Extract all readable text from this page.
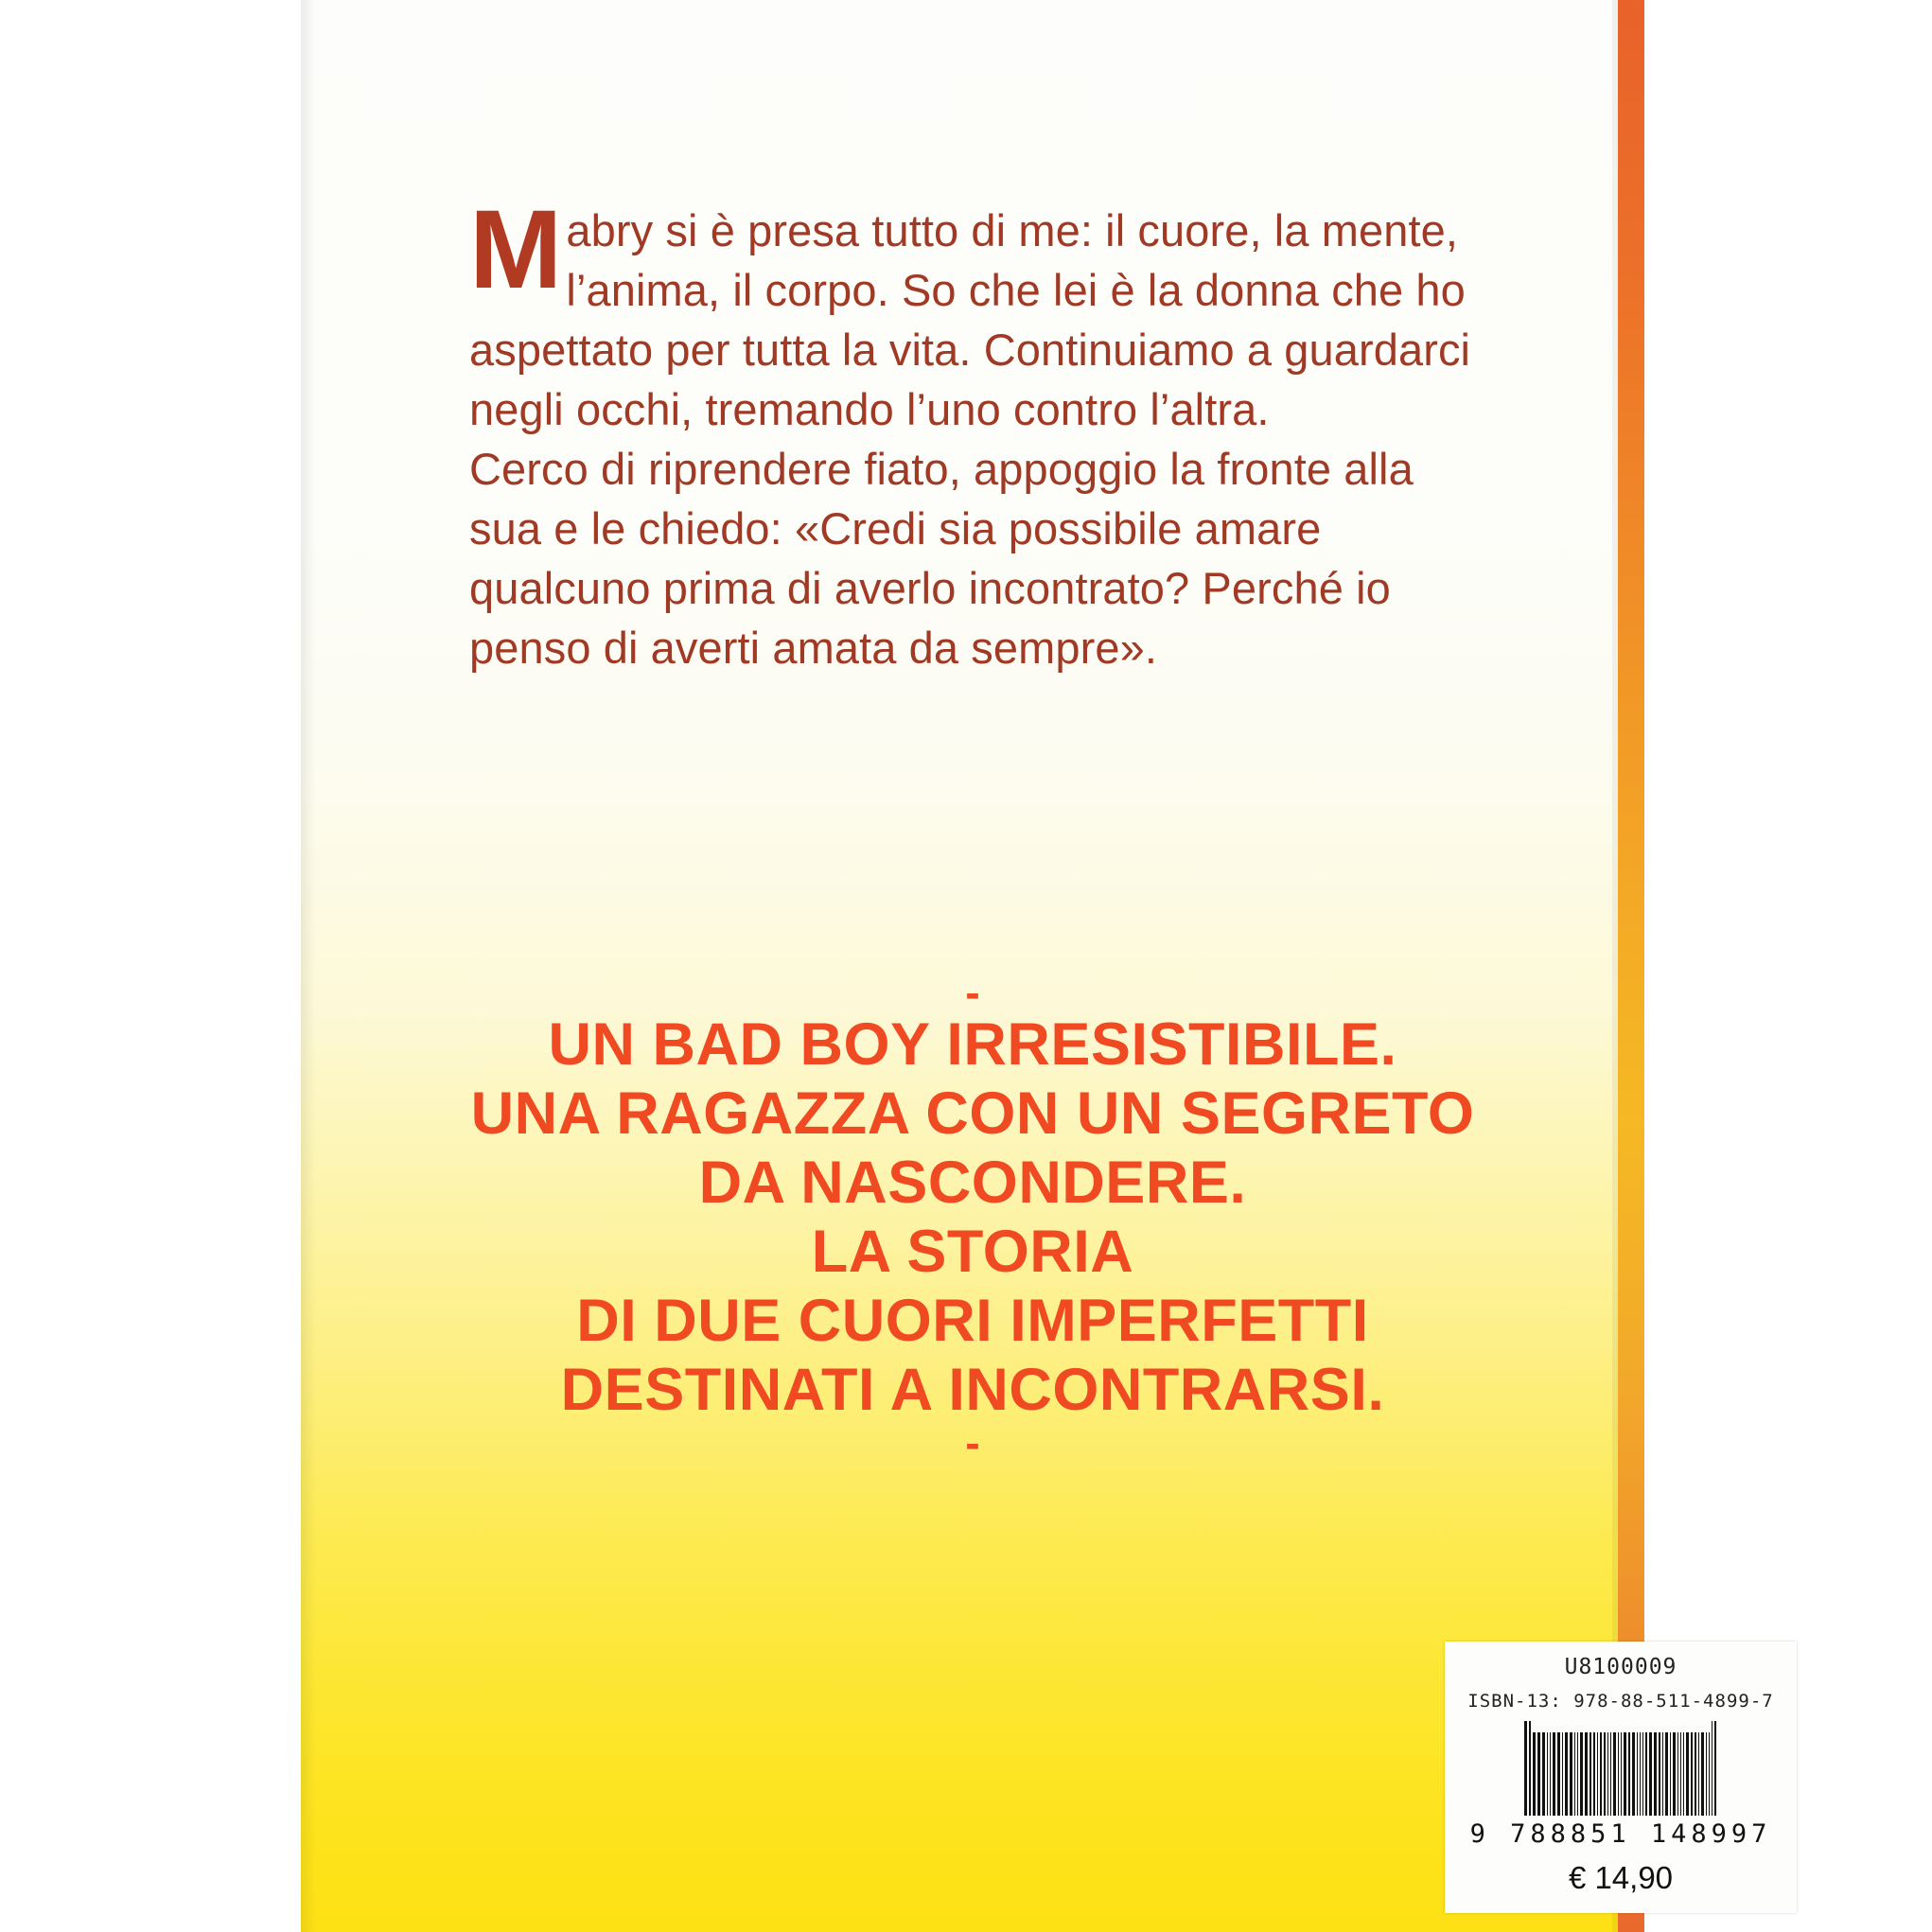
Mabry si è presa tutto di me: il cuore, la mente, l’anima, il corpo. So che lei è la donna che ho aspettato per tutta la vita. Continuiamo a guardarci negli occhi, tremando l’uno contro l’altra.

Cerco di riprendere fiato, appoggio la fronte alla sua e le chiedo: «Credi sia possibile amare qualcuno prima di averlo incontrato? Perché io penso di averti amata da sempre».

-
UN BAD BOY IRRESISTIBILE.
UNA RAGAZZA CON UN SEGRETO
DA NASCONDERE.
LA STORIA
DI DUE CUORI IMPERFETTI
DESTINATI A INCONTRARSI.
-
U8100009
ISBN-13: 978-88-511-4899-7
9 788851 148997
€ 14,90
